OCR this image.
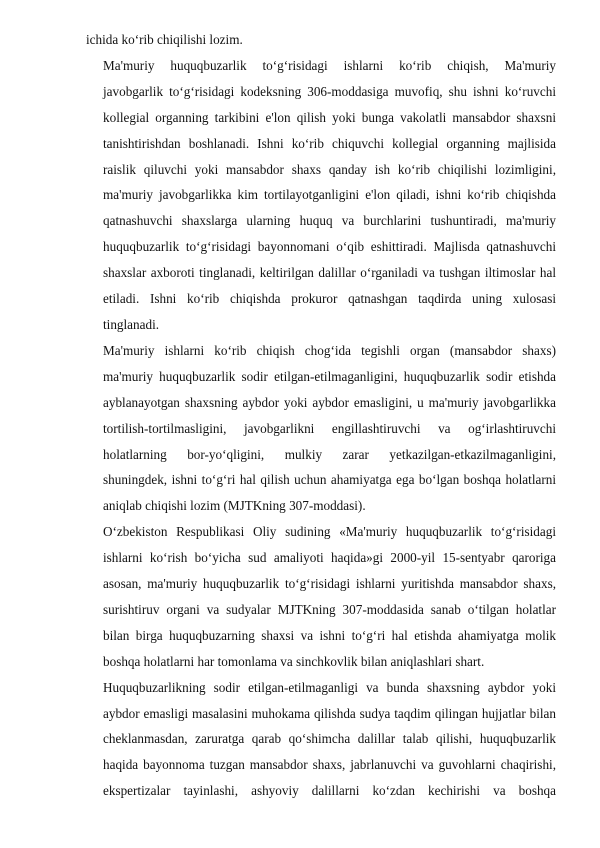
ichida ko‘rib chiqilishi lozim.

Ma'muriy huquqbuzarlik to‘g‘risidagi ishlarni ko‘rib chiqish, Ma'muriy
javobgarlik to‘g‘risidagi kodeksning 306-moddasiga muvofiq, shu ishni ko‘ruvchi
kollegial organning tarkibini e'lon qilish yoki bunga vakolatli mansabdor shaxsni
tanishtirishdan boshlanadi. Ishni ko‘rib chiquvchi kollegial organning majlisida
raislik qiluvchi yoki mansabdor shaxs qanday ish ko‘rib chiqilishi lozimligini,
ma'muriy javobgarlikka kim tortilayotganligini e'lon qiladi, ishni ko‘rib chiqishda
qatnashuvchi shaxslarga ularning huquq va burchlarini tushuntiradi, ma'muriy
huquqbuzarlik to‘g‘risidagi bayonnomani o‘qib eshittiradi. Majlisda qatnashuvchi
shaxslar axboroti tinglanadi, keltirilgan dalillar o‘rganiladi va tushgan iltimoslar hal
etiladi. Ishni ko‘rib chiqishda prokuror qatnashgan taqdirda uning xulosasi
tinglanadi.

Ma'muriy ishlarni ko‘rib chiqish chog‘ida tegishli organ (mansabdor shaxs)
ma'muriy huquqbuzarlik sodir etilgan-etilmaganligini, huquqbuzarlik sodir etishda
ayblanayotgan shaxsning aybdor yoki aybdor emasligini, u ma'muriy javobgarlikka
tortilish-tortilmasligini, javobgarlikni engillashtiruvchi va og‘irlashtiruvchi
holatlarning bor-yo‘qligini, mulkiy zarar yetkazilgan-etkazilmaganligini,
shuningdek, ishni to‘g‘ri hal qilish uchun ahamiyatga ega bo‘lgan boshqa holatlarni
aniqlab chiqishi lozim (MJTKning 307-moddasi).

O‘zbekiston Respublikasi Oliy sudining «Ma'muriy huquqbuzarlik to‘g‘risidagi
ishlarni ko‘rish bo‘yicha sud amaliyoti haqida»gi 2000-yil 15-sentyabr qaroriga
asosan, ma'muriy huquqbuzarlik to‘g‘risidagi ishlarni yuritishda mansabdor shaxs,
surishtiruv organi va sudyalar MJTKning 307-moddasida sanab o‘tilgan holatlar
bilan birga huquqbuzarning shaxsi va ishni to‘g‘ri hal etishda ahamiyatga molik
boshqa holatlarni har tomonlama va sinchkovlik bilan aniqlashlari shart.

Huquqbuzarlikning sodir etilgan-etilmaganligi va bunda shaxsning aybdor yoki
aybdor emasligi masalasini muhokama qilishda sudya taqdim qilingan hujjatlar bilan
cheklanmasdan, zaruratga qarab qo‘shimcha dalillar talab qilishi, huquqbuzarlik
haqida bayonnoma tuzgan mansabdor shaxs, jabrlanuvchi va guvohlarni chaqirishi,
ekspertizalar tayinlashi, ashyoviy dalillarni ko‘zdan kechirishi va boshqa
